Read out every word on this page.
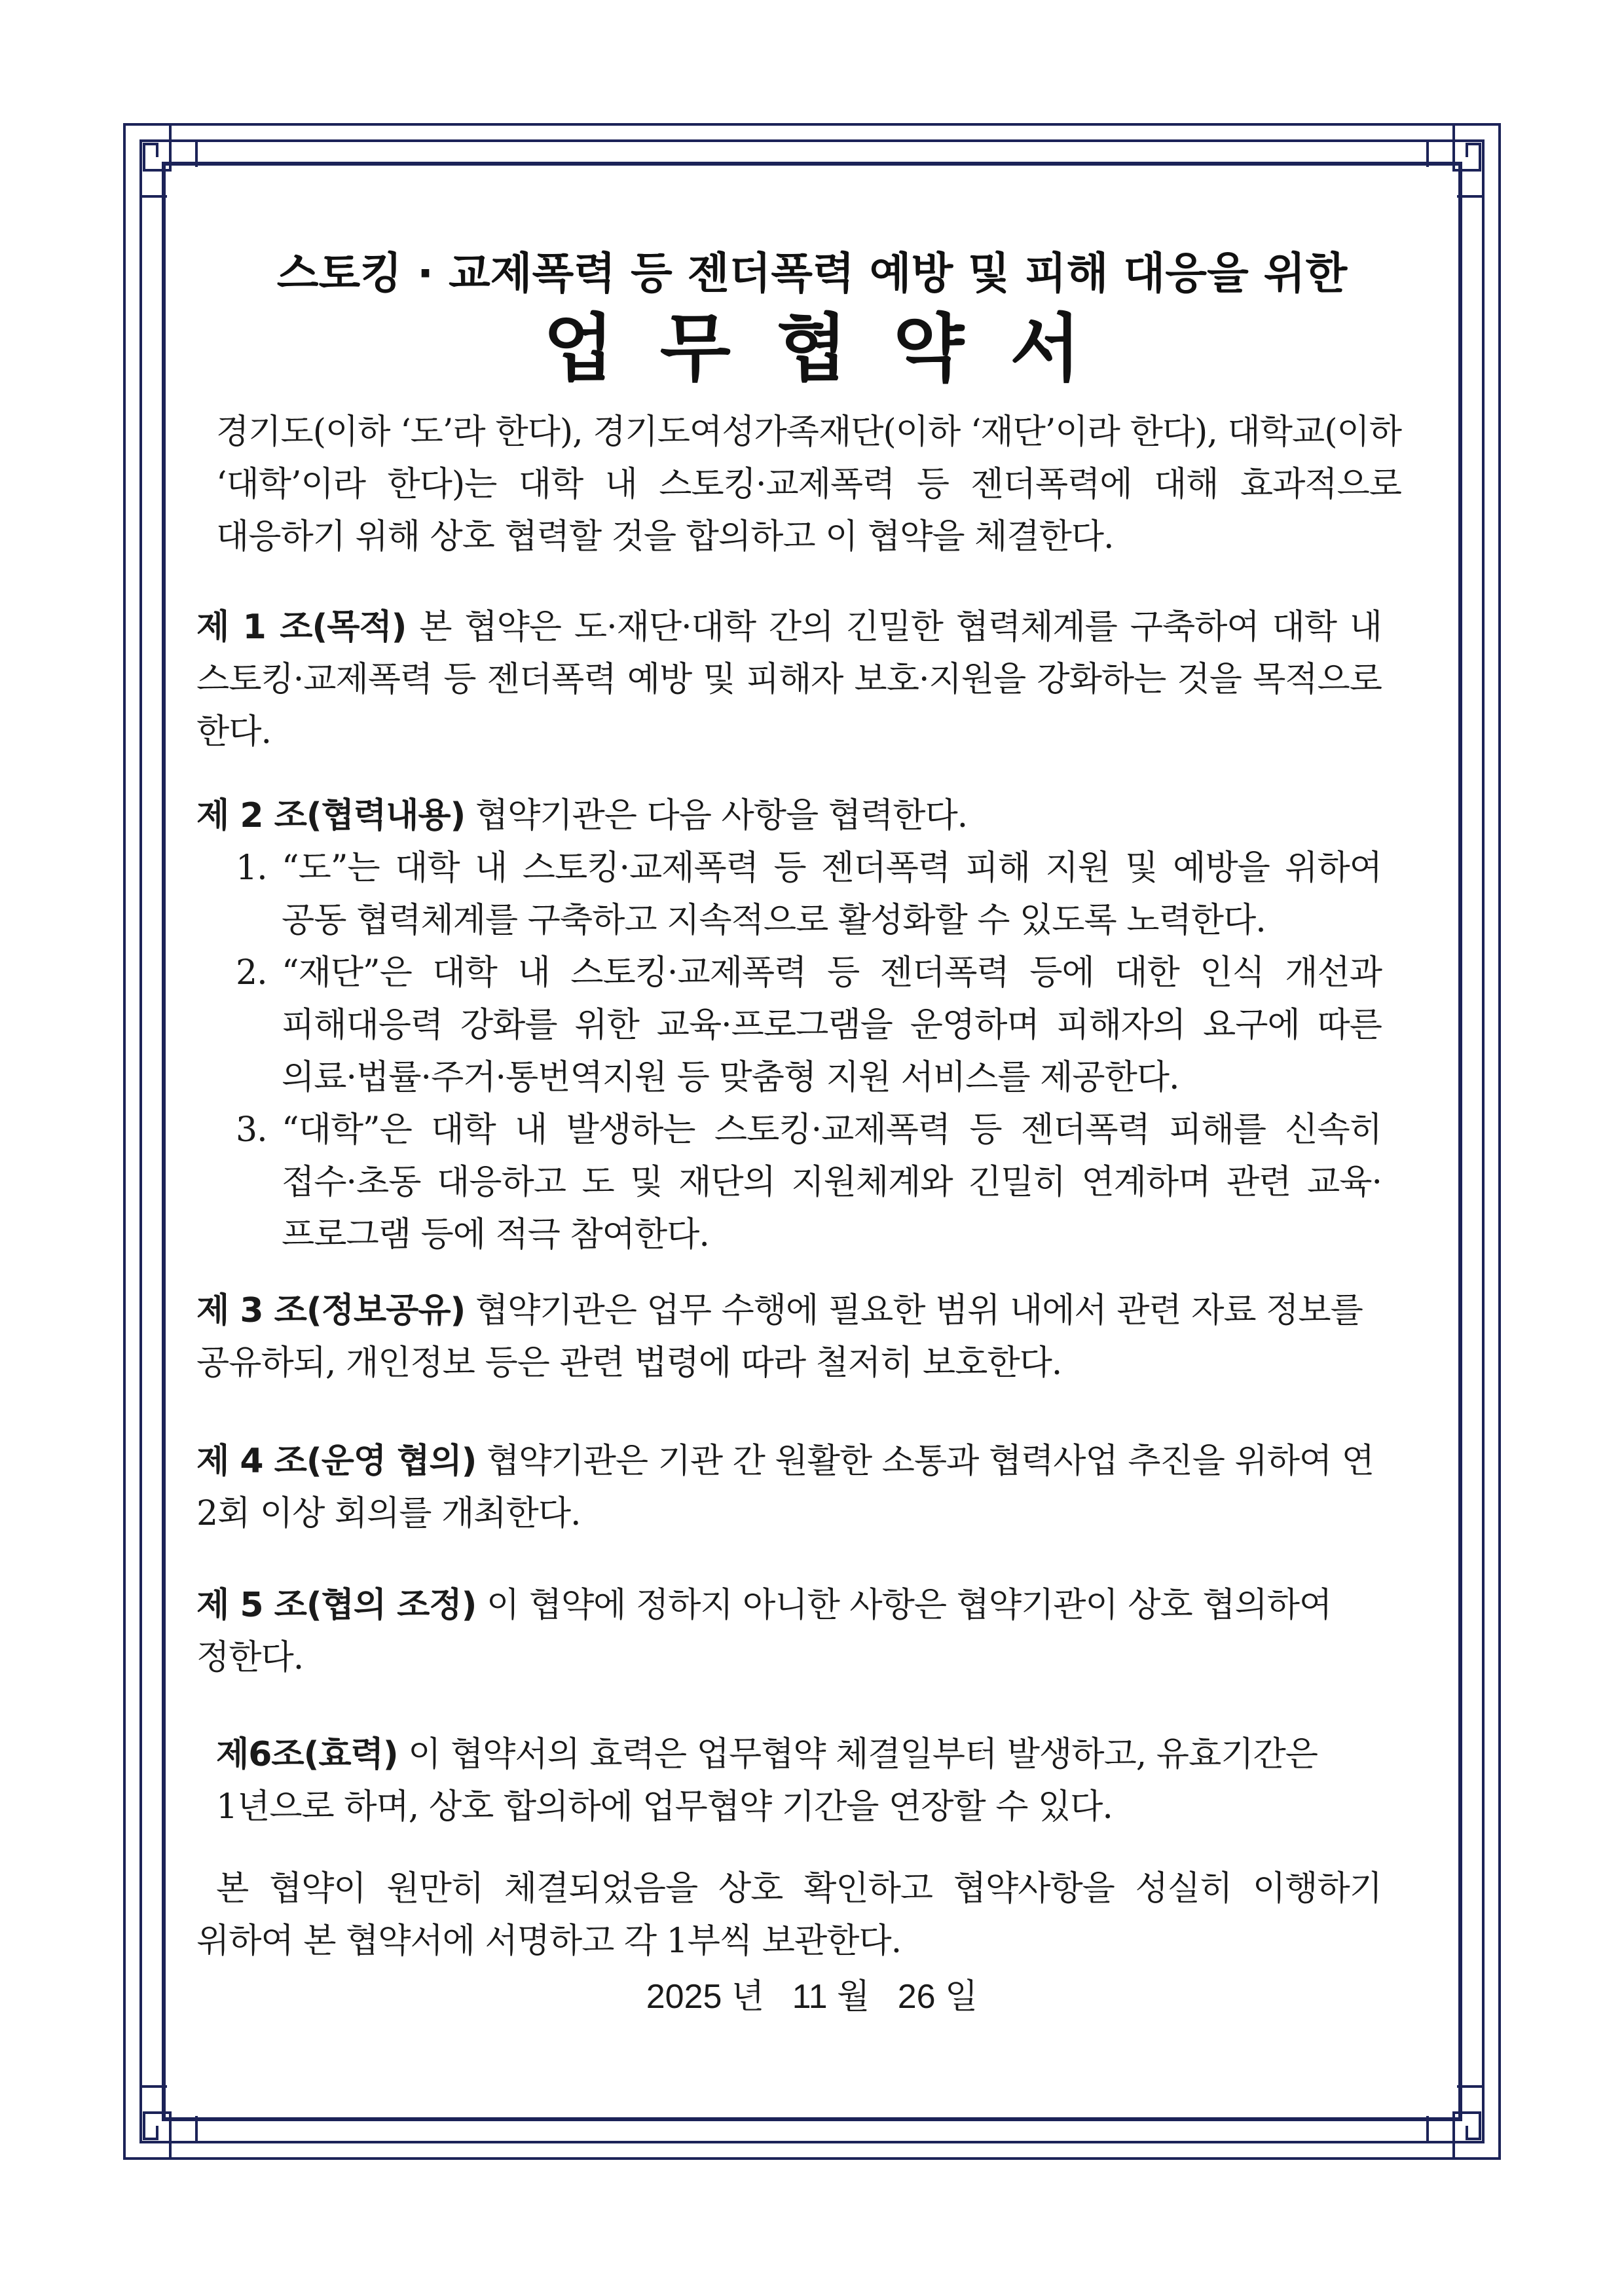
스토킹 · 교제폭력 등 젠더폭력 예방 및 피해 대응을 위한
업무협약서
경기도(이하 ‘도’라 한다), 경기도여성가족재단(이하 ‘재단’이라 한다), 대학교(이하 ‘대학’이라 한다)는 대학 내 스토킹·교제폭력 등 젠더폭력에 대해 효과적으로 대응하기 위해 상호 협력할 것을 합의하고 이 협약을 체결한다.
제 1 조(목적) 본 협약은 도·재단·대학 간의 긴밀한 협력체계를 구축하여 대학 내 스토킹·교제폭력 등 젠더폭력 예방 및 피해자 보호·지원을 강화하는 것을 목적으로 한다.
제 2 조(협력내용) 협약기관은 다음 사항을 협력한다.
1. “도”는 대학 내 스토킹·교제폭력 등 젠더폭력 피해 지원 및 예방을 위하여 공동 협력체계를 구축하고 지속적으로 활성화할 수 있도록 노력한다.
2. “재단”은 대학 내 스토킹·교제폭력 등 젠더폭력 등에 대한 인식 개선과 피해대응력 강화를 위한 교육·프로그램을 운영하며 피해자의 요구에 따른 의료·법률·주거·통번역지원 등 맞춤형 지원 서비스를 제공한다.
3. “대학”은 대학 내 발생하는 스토킹·교제폭력 등 젠더폭력 피해를 신속히 접수·초동 대응하고 도 및 재단의 지원체계와 긴밀히 연계하며 관련 교육·프로그램 등에 적극 참여한다.
제 3 조(정보공유) 협약기관은 업무 수행에 필요한 범위 내에서 관련 자료 정보를 공유하되, 개인정보 등은 관련 법령에 따라 철저히 보호한다.
제 4 조(운영 협의) 협약기관은 기관 간 원활한 소통과 협력사업 추진을 위하여 연 2회 이상 회의를 개최한다.
제 5 조(협의 조정) 이 협약에 정하지 아니한 사항은 협약기관이 상호 협의하여 정한다.
제6조(효력) 이 협약서의 효력은 업무협약 체결일부터 발생하고, 유효기간은 1년으로 하며, 상호 합의하에 업무협약 기간을 연장할 수 있다.
본 협약이 원만히 체결되었음을 상호 확인하고 협약사항을 성실히 이행하기 위하여 본 협약서에 서명하고 각 1부씩 보관한다.
2025 년 11 월 26 일
